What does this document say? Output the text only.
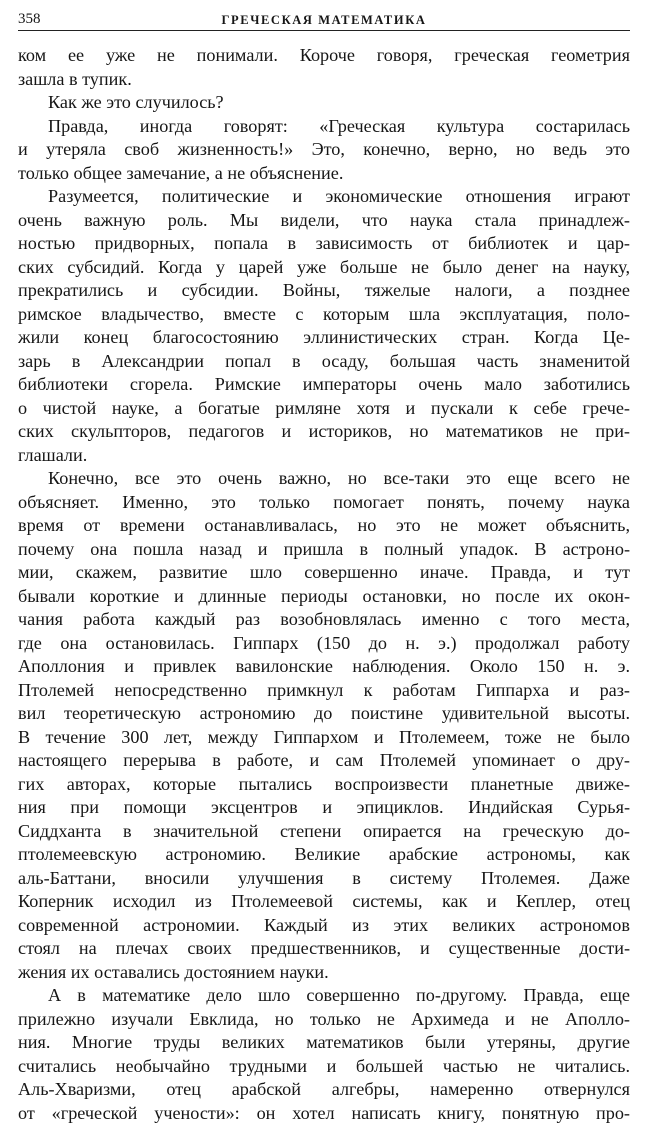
358	ГРЕЧЕСКАЯ МАТЕМАТИКА
ком ее уже не понимали. Короче говоря, греческая геометрия
зашла в тупик.
Как же это случилось?
Правда, иногда говорят: «Греческая культура состарилась
и утеряла своб жизненность!» Это, конечно, верно, но ведь это
только общее замечание, а не объяснение.
Разумеется, политические и экономические отношения играют
очень важную роль. Мы видели, что наука стала принадлеж-
ностью придворных, попала в зависимость от библиотек и цар-
ских субсидий. Когда у царей уже больше не было денег на науку,
прекратились и субсидии. Войны, тяжелые налоги, а позднее
римское владычество, вместе с которым шла эксплуатация, поло-
жили конец благосостоянию эллинистических стран. Когда Це-
зарь в Александрии попал в осаду, большая часть знаменитой
библиотеки сгорела. Римские императоры очень мало заботились
о чистой науке, а богатые римляне хотя и пускали к себе грече-
ских скульпторов, педагогов и историков, но математиков не при-
глашали.
Конечно, все это очень важно, но все-таки это еще всего не
объясняет. Именно, это только помогает понять, почему наука
время от времени останавливалась, но это не может объяснить,
почему она пошла назад и пришла в полный упадок. В астроно-
мии, скажем, развитие шло совершенно иначе. Правда, и тут
бывали короткие и длинные периоды остановки, но после их окон-
чания работа каждый раз возобновлялась именно с того места,
где она остановилась. Гиппарх (150 до н. э.) продолжал работу
Аполлония и привлек вавилонские наблюдения. Около 150 н. э.
Птолемей непосредственно примкнул к работам Гиппарха и раз-
вил теоретическую астрономию до поистине удивительной высоты.
В течение 300 лет, между Гиппархом и Птолемеем, тоже не было
настоящего перерыва в работе, и сам Птолемей упоминает о дру-
гих авторах, которые пытались воспроизвести планетные движе-
ния при помощи эксцентров и эпициклов. Индийская Сурья-
Сиддханта в значительной степени опирается на греческую до-
птолемеевскую астрономию. Великие арабские астрономы, как
аль-Баттани, вносили улучшения в систему Птолемея. Даже
Коперник исходил из Птолемеевой системы, как и Кеплер, отец
современной астрономии. Каждый из этих великих астрономов
стоял на плечах своих предшественников, и существенные дости-
жения их оставались достоянием науки.
А в математике дело шло совершенно по-другому. Правда, еще
прилежно изучали Евклида, но только не Архимеда и не Аполло-
ния. Многие труды великих математиков были утеряны, другие
считались необычайно трудными и большей частью не читались.
Аль-Хваризми, отец арабской алгебры, намеренно отвернулся
от «греческой учености»: он хотел написать книгу, понятную про-
